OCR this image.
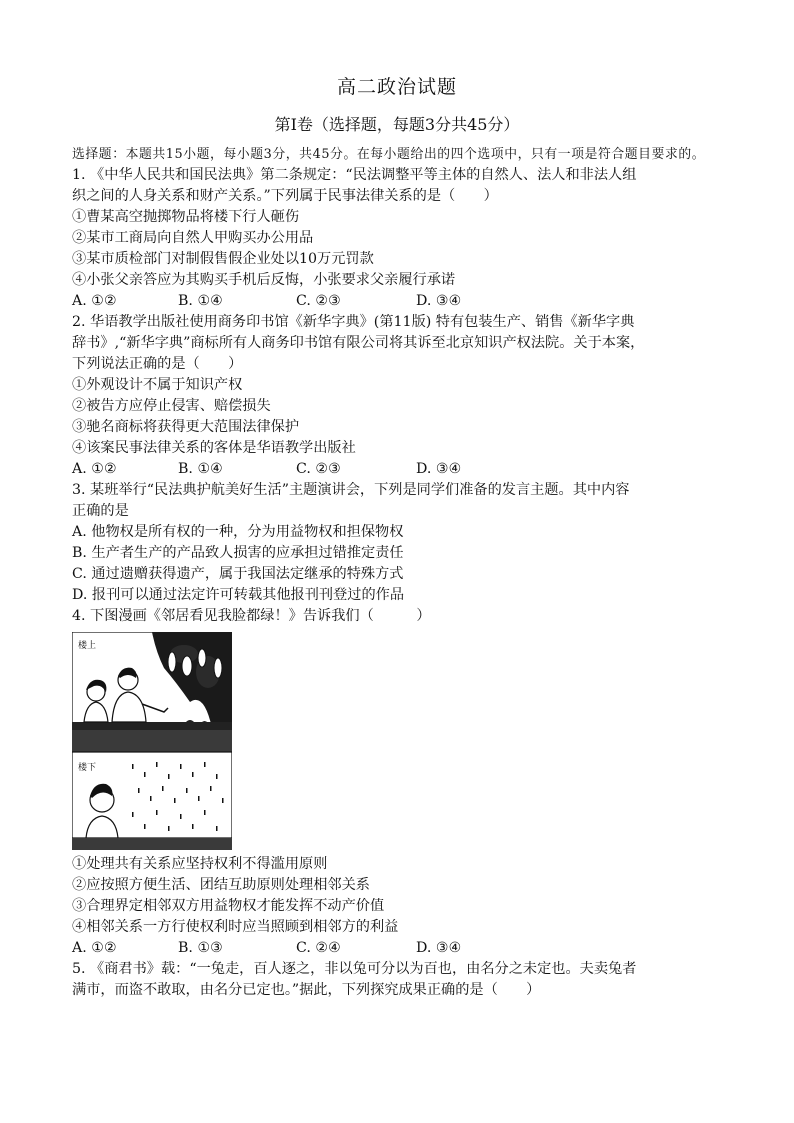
高二政治试题
第Ⅰ卷（选择题，每题3分共45分）

选择题：本题共15小题，每小题3分，共45分。在每小题给出的四个选项中，只有一项是符合题目要求的。

1. 《中华人民共和国民法典》第二条规定：“民法调整平等主体的自然人、法人和非法人组

织之间的人身关系和财产关系。”下列属于民事法律关系的是（　　）

①曹某高空抛掷物品将楼下行人砸伤

②某市工商局向自然人甲购买办公用品

③某市质检部门对制假售假企业处以10万元罚款

④小张父亲答应为其购买手机后反悔，小张要求父亲履行承诺

A. ①②	B. ①④	C. ②③	D. ③④

2. 华语教学出版社使用商务印书馆《新华字典》(第11版) 特有包装生产、销售《新华字典

辞书》,“新华字典”商标所有人商务印书馆有限公司将其诉至北京知识产权法院。关于本案，

下列说法正确的是（　　）

①外观设计不属于知识产权

②被告方应停止侵害、赔偿损失

③驰名商标将获得更大范围法律保护

④该案民事法律关系的客体是华语教学出版社

A. ①②	B. ①④	C. ②③	D. ③④

3. 某班举行“民法典护航美好生活”主题演讲会，下列是同学们准备的发言主题。其中内容

正确的是

A. 他物权是所有权的一种，分为用益物权和担保物权

B. 生产者生产的产品致人损害的应承担过错推定责任

C. 通过遗赠获得遗产，属于我国法定继承的特殊方式

D. 报刊可以通过法定许可转载其他报刊刊登过的作品

4. 下图漫画《邻居看见我脸都绿！》告诉我们（　　　）

楼上
楼下

①处理共有关系应坚持权利不得滥用原则

②应按照方便生活、团结互助原则处理相邻关系

③合理界定相邻双方用益物权才能发挥不动产价值

④相邻关系一方行使权利时应当照顾到相邻方的利益

A. ①②	B. ①③	C. ②④	D. ③④

5. 《商君书》载：“一兔走，百人逐之，非以兔可分以为百也，由名分之未定也。夫卖兔者

满市，而盗不敢取，由名分已定也。”据此，下列探究成果正确的是（　　）
